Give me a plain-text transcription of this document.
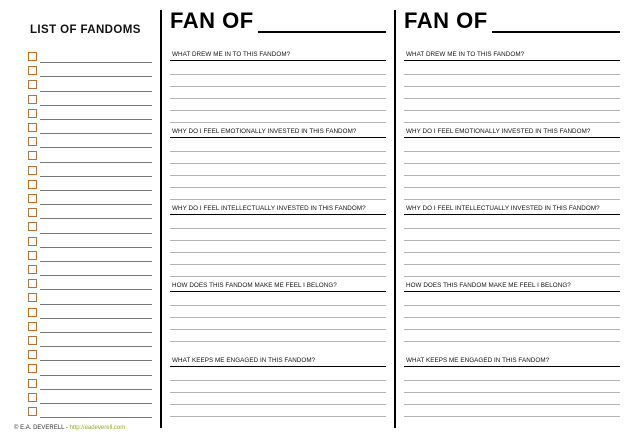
LIST OF FANDOMS FAN OF
WHAT DREW ME IN TO THIS FANDOM?
WHY DO I FEEL EMOTIONALLY INVESTED IN THIS FANDOM?
WHY DO I FEEL INTELLECTUALLY INVESTED IN THIS FANDOM?
HOW DOES THIS FANDOM MAKE ME FEEL I BELONG?
WHAT KEEPS ME ENGAGED IN THIS FANDOM?
FAN OF
WHAT DREW ME IN TO THIS FANDOM?
WHY DO I FEEL EMOTIONALLY INVESTED IN THIS FANDOM?
WHY DO I FEEL INTELLECTUALLY INVESTED IN THIS FANDOM?
HOW DOES THIS FANDOM MAKE ME FEEL I BELONG?
WHAT KEEPS ME ENGAGED IN THIS FANDOM?
© E.A. DEVERELL - http://eadeverell.com
